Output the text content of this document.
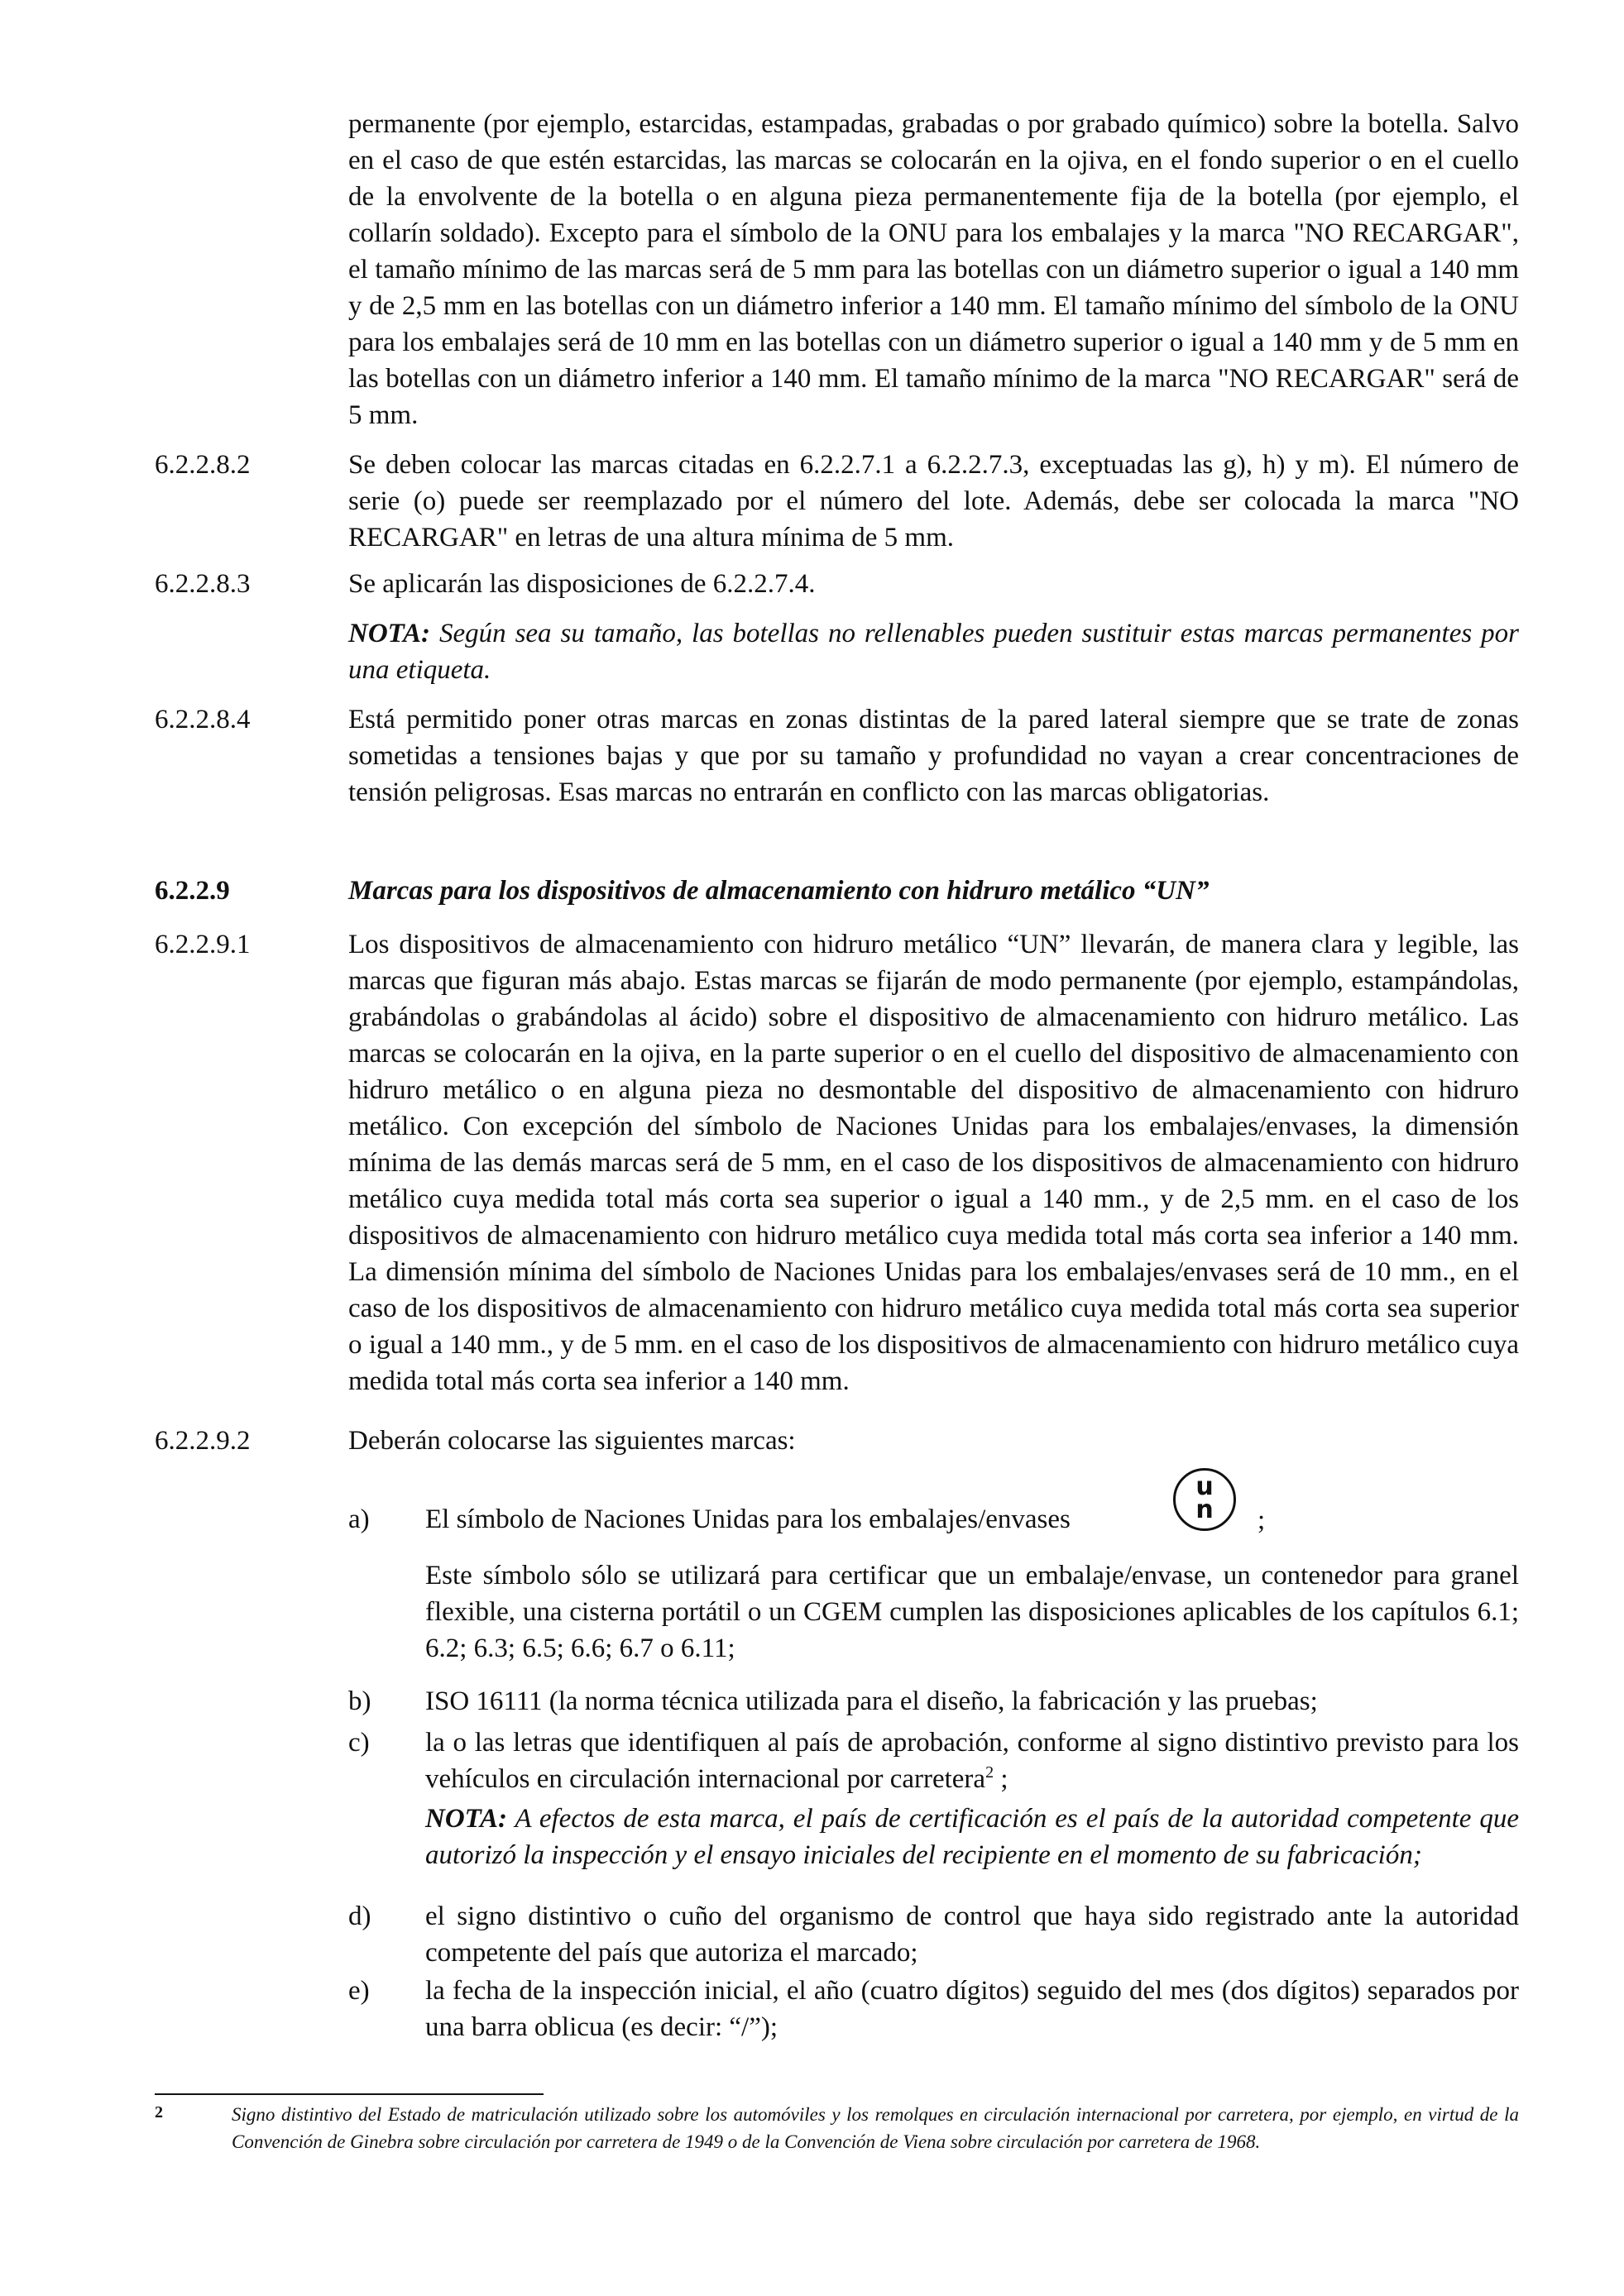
permanente (por ejemplo, estarcidas, estampadas, grabadas o por grabado químico) sobre la botella. Salvo en el caso de que estén estarcidas, las marcas se colocarán en la ojiva, en el fondo superior o en el cuello de la envolvente de la botella o en alguna pieza permanentemente fija de la botella (por ejemplo, el collarín soldado). Excepto para el símbolo de la ONU para los embalajes y la marca "NO RECARGAR", el tamaño mínimo de las marcas será de 5 mm para las botellas con un diámetro superior o igual a 140 mm y de 2,5 mm en las botellas con un diámetro inferior a 140 mm. El tamaño mínimo del símbolo de la ONU para los embalajes será de 10 mm en las botellas con un diámetro superior o igual a 140 mm y de 5 mm en las botellas con un diámetro inferior a 140 mm. El tamaño mínimo de la marca "NO RECARGAR" será de 5 mm.
6.2.2.8.2	Se deben colocar las marcas citadas en 6.2.2.7.1 a 6.2.2.7.3, exceptuadas las g), h) y m). El número de serie (o) puede ser reemplazado por el número del lote. Además, debe ser colocada la marca "NO RECARGAR" en letras de una altura mínima de 5 mm.
6.2.2.8.3	Se aplicarán las disposiciones de 6.2.2.7.4.
NOTA: Según sea su tamaño, las botellas no rellenables pueden sustituir estas marcas permanentes por una etiqueta.
6.2.2.8.4	Está permitido poner otras marcas en zonas distintas de la pared lateral siempre que se trate de zonas sometidas a tensiones bajas y que por su tamaño y profundidad no vayan a crear concentraciones de tensión peligrosas. Esas marcas no entrarán en conflicto con las marcas obligatorias.
6.2.2.9	Marcas para los dispositivos de almacenamiento con hidruro metálico “UN”
6.2.2.9.1	Los dispositivos de almacenamiento con hidruro metálico “UN” llevarán, de manera clara y legible, las marcas que figuran más abajo. Estas marcas se fijarán de modo permanente (por ejemplo, estampándolas, grabándolas o grabándolas al ácido) sobre el dispositivo de almacenamiento con hidruro metálico. Las marcas se colocarán en la ojiva, en la parte superior o en el cuello del dispositivo de almacenamiento con hidruro metálico o en alguna pieza no desmontable del dispositivo de almacenamiento con hidruro metálico. Con excepción del símbolo de Naciones Unidas para los embalajes/envases, la dimensión mínima de las demás marcas será de 5 mm, en el caso de los dispositivos de almacenamiento con hidruro metálico cuya medida total más corta sea superior o igual a 140 mm., y de 2,5 mm. en el caso de los dispositivos de almacenamiento con hidruro metálico cuya medida total más corta sea inferior a 140 mm. La dimensión mínima del símbolo de Naciones Unidas para los embalajes/envases será de 10 mm., en el caso de los dispositivos de almacenamiento con hidruro metálico cuya medida total más corta sea superior o igual a 140 mm., y de 5 mm. en el caso de los dispositivos de almacenamiento con hidruro metálico cuya medida total más corta sea inferior a 140 mm.
6.2.2.9.2	Deberán colocarse las siguientes marcas:
a)	El símbolo de Naciones Unidas para los embalajes/envases
u
n	;
Este símbolo sólo se utilizará para certificar que un embalaje/envase, un contenedor para granel flexible, una cisterna portátil o un CGEM cumplen las disposiciones aplicables de los capítulos 6.1; 6.2; 6.3; 6.5; 6.6; 6.7 o 6.11;
b)	ISO 16111 (la norma técnica utilizada para el diseño, la fabricación y las pruebas;
c)	la o las letras que identifiquen al país de aprobación, conforme al signo distintivo previsto para los vehículos en circulación internacional por carretera$^2$ ;
NOTA: A efectos de esta marca, el país de certificación es el país de la autoridad competente que autorizó la inspección y el ensayo iniciales del recipiente en el momento de su fabricación;
d)	el signo distintivo o cuño del organismo de control que haya sido registrado ante la autoridad competente del país que autoriza el marcado;
e)	la fecha de la inspección inicial, el año (cuatro dígitos) seguido del mes (dos dígitos) separados por una barra oblicua (es decir: “/”);
2	Signo distintivo del Estado de matriculación utilizado sobre los automóviles y los remolques en circulación internacional por carretera, por ejemplo, en virtud de la Convención de Ginebra sobre circulación por carretera de 1949 o de la Convención de Viena sobre circulación por carretera de 1968.
